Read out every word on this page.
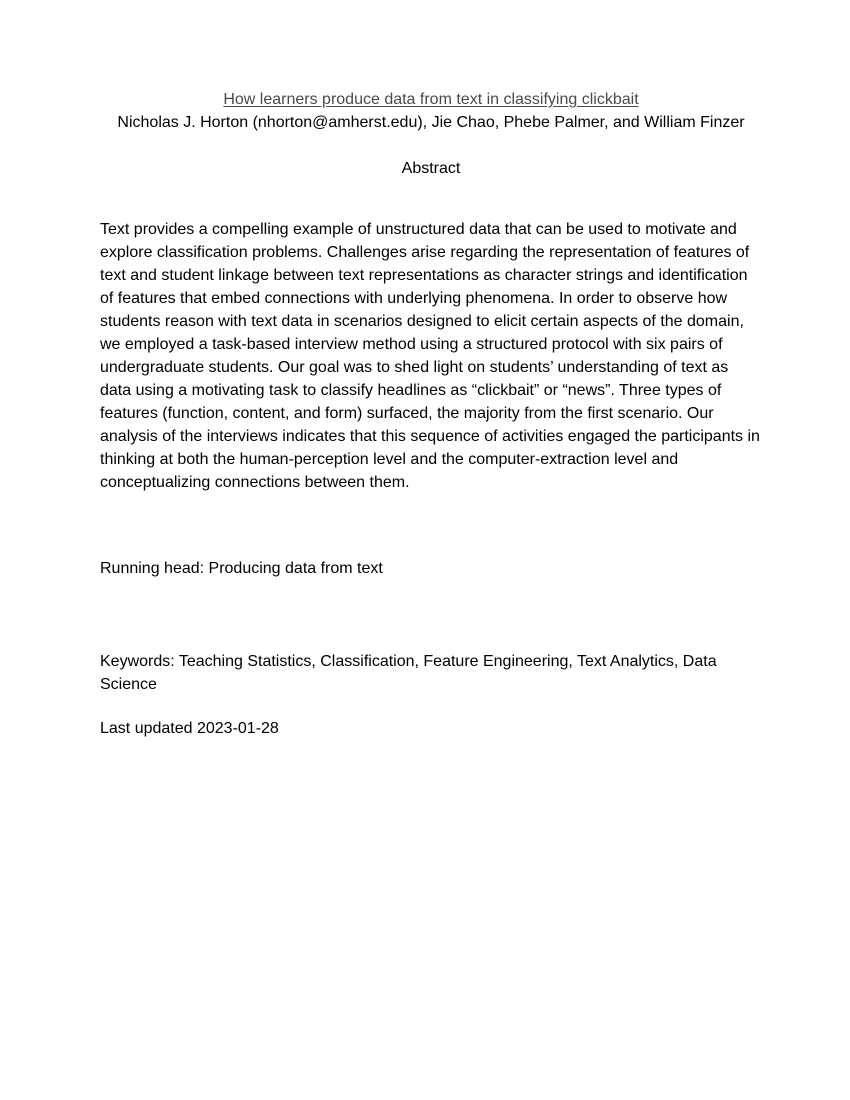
How learners produce data from text in classifying clickbait
Nicholas J. Horton (nhorton@amherst.edu), Jie Chao, Phebe Palmer, and William Finzer
Abstract

Text provides a compelling example of unstructured data that can be used to motivate and explore classification problems. Challenges arise regarding the representation of features of text and student linkage between text representations as character strings and identification of features that embed connections with underlying phenomena. In order to observe how students reason with text data in scenarios designed to elicit certain aspects of the domain, we employed a task-based interview method using a structured protocol with six pairs of undergraduate students. Our goal was to shed light on students’ understanding of text as data using a motivating task to classify headlines as “clickbait” or “news”. Three types of features (function, content, and form) surfaced, the majority from the first scenario. Our analysis of the interviews indicates that this sequence of activities engaged the participants in thinking at both the human-perception level and the computer-extraction level and conceptualizing connections between them.

Running head: Producing data from text
Keywords: Teaching Statistics, Classification, Feature Engineering, Text Analytics, Data Science
Last updated 2023-01-28
